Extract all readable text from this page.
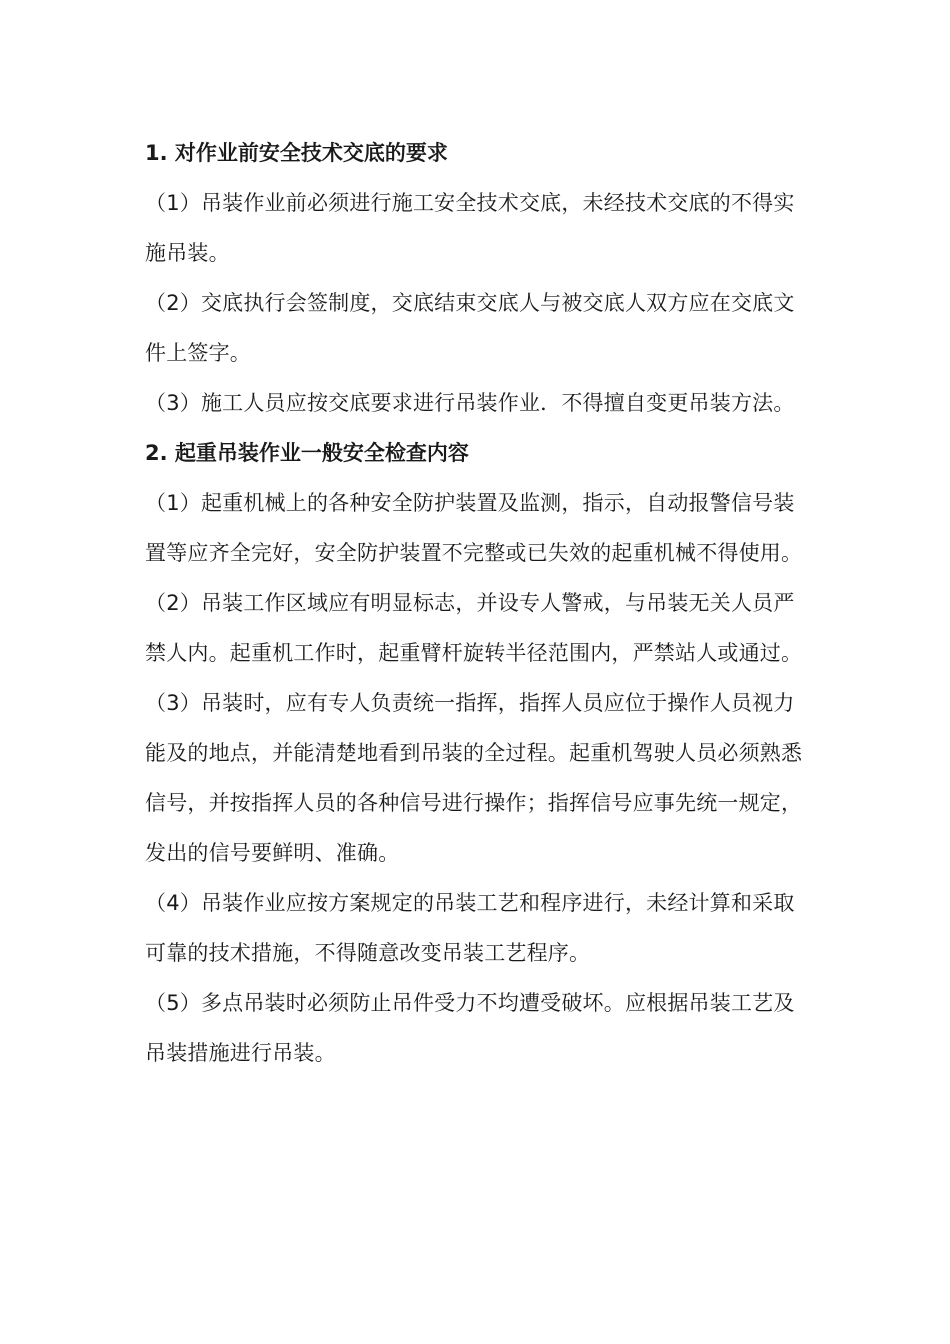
1. 对作业前安全技术交底的要求

（1）吊装作业前必须进行施工安全技术交底，未经技术交底的不得实施吊装。

（2）交底执行会签制度，交底结束交底人与被交底人双方应在交底文件上签字。

（3）施工人员应按交底要求进行吊装作业．不得擅自变更吊装方法。

2. 起重吊装作业一般安全检查内容

（1）起重机械上的各种安全防护装置及监测，指示，自动报警信号装置等应齐全完好，安全防护装置不完整或已失效的起重机械不得使用。

（2）吊装工作区域应有明显标志，并设专人警戒，与吊装无关人员严禁人内。起重机工作时，起重臂杆旋转半径范围内，严禁站人或通过。

（3）吊装时，应有专人负责统一指挥，指挥人员应位于操作人员视力能及的地点，并能清楚地看到吊装的全过程。起重机驾驶人员必须熟悉信号，并按指挥人员的各种信号进行操作；指挥信号应事先统一规定，发出的信号要鲜明、准确。

（4）吊装作业应按方案规定的吊装工艺和程序进行，未经计算和采取可靠的技术措施，不得随意改变吊装工艺程序。

（5）多点吊装时必须防止吊件受力不均遭受破坏。应根据吊装工艺及吊装措施进行吊装。
